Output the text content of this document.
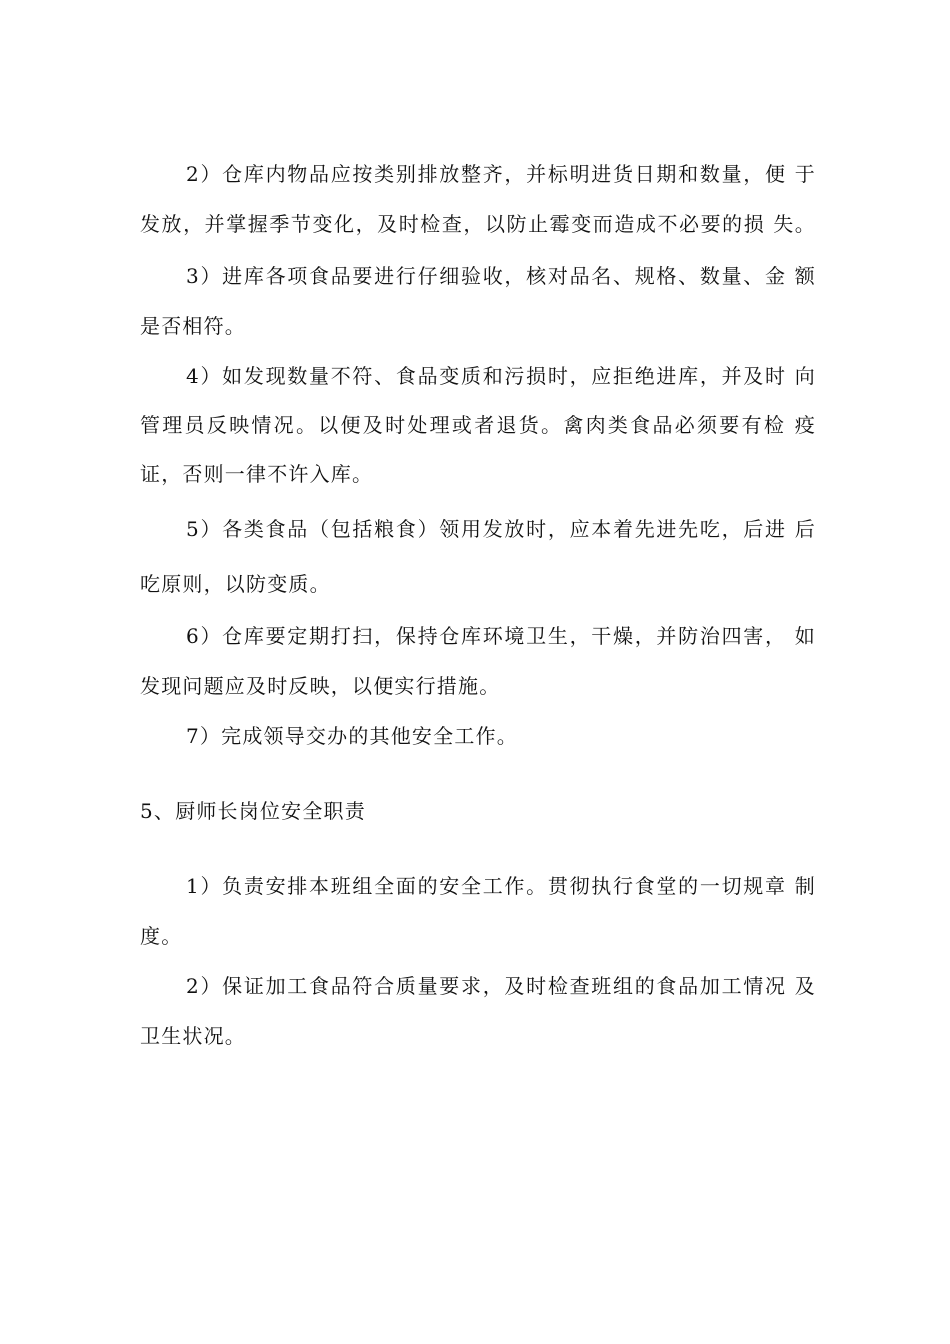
2）仓库内物品应按类别排放整齐，并标明进货日期和数量，便 于
发放，并掌握季节变化，及时检查，以防止霉变而造成不必要的损 失。
3）进库各项食品要进行仔细验收，核对品名、规格、数量、金 额
是否相符。
4）如发现数量不符、食品变质和污损时，应拒绝进库，并及时 向
管理员反映情况。以便及时处理或者退货。禽肉类食品必须要有检 疫
证，否则一律不许入库。
5）各类食品（包括粮食）领用发放时，应本着先进先吃，后进 后
吃原则，以防变质。
6）仓库要定期打扫，保持仓库环境卫生，干燥，并防治四害， 如
发现问题应及时反映，以便实行措施。
7）完成领导交办的其他安全工作。
5、厨师长岗位安全职责
1）负责安排本班组全面的安全工作。贯彻执行食堂的一切规章 制
度。
2）保证加工食品符合质量要求，及时检查班组的食品加工情况 及
卫生状况。
